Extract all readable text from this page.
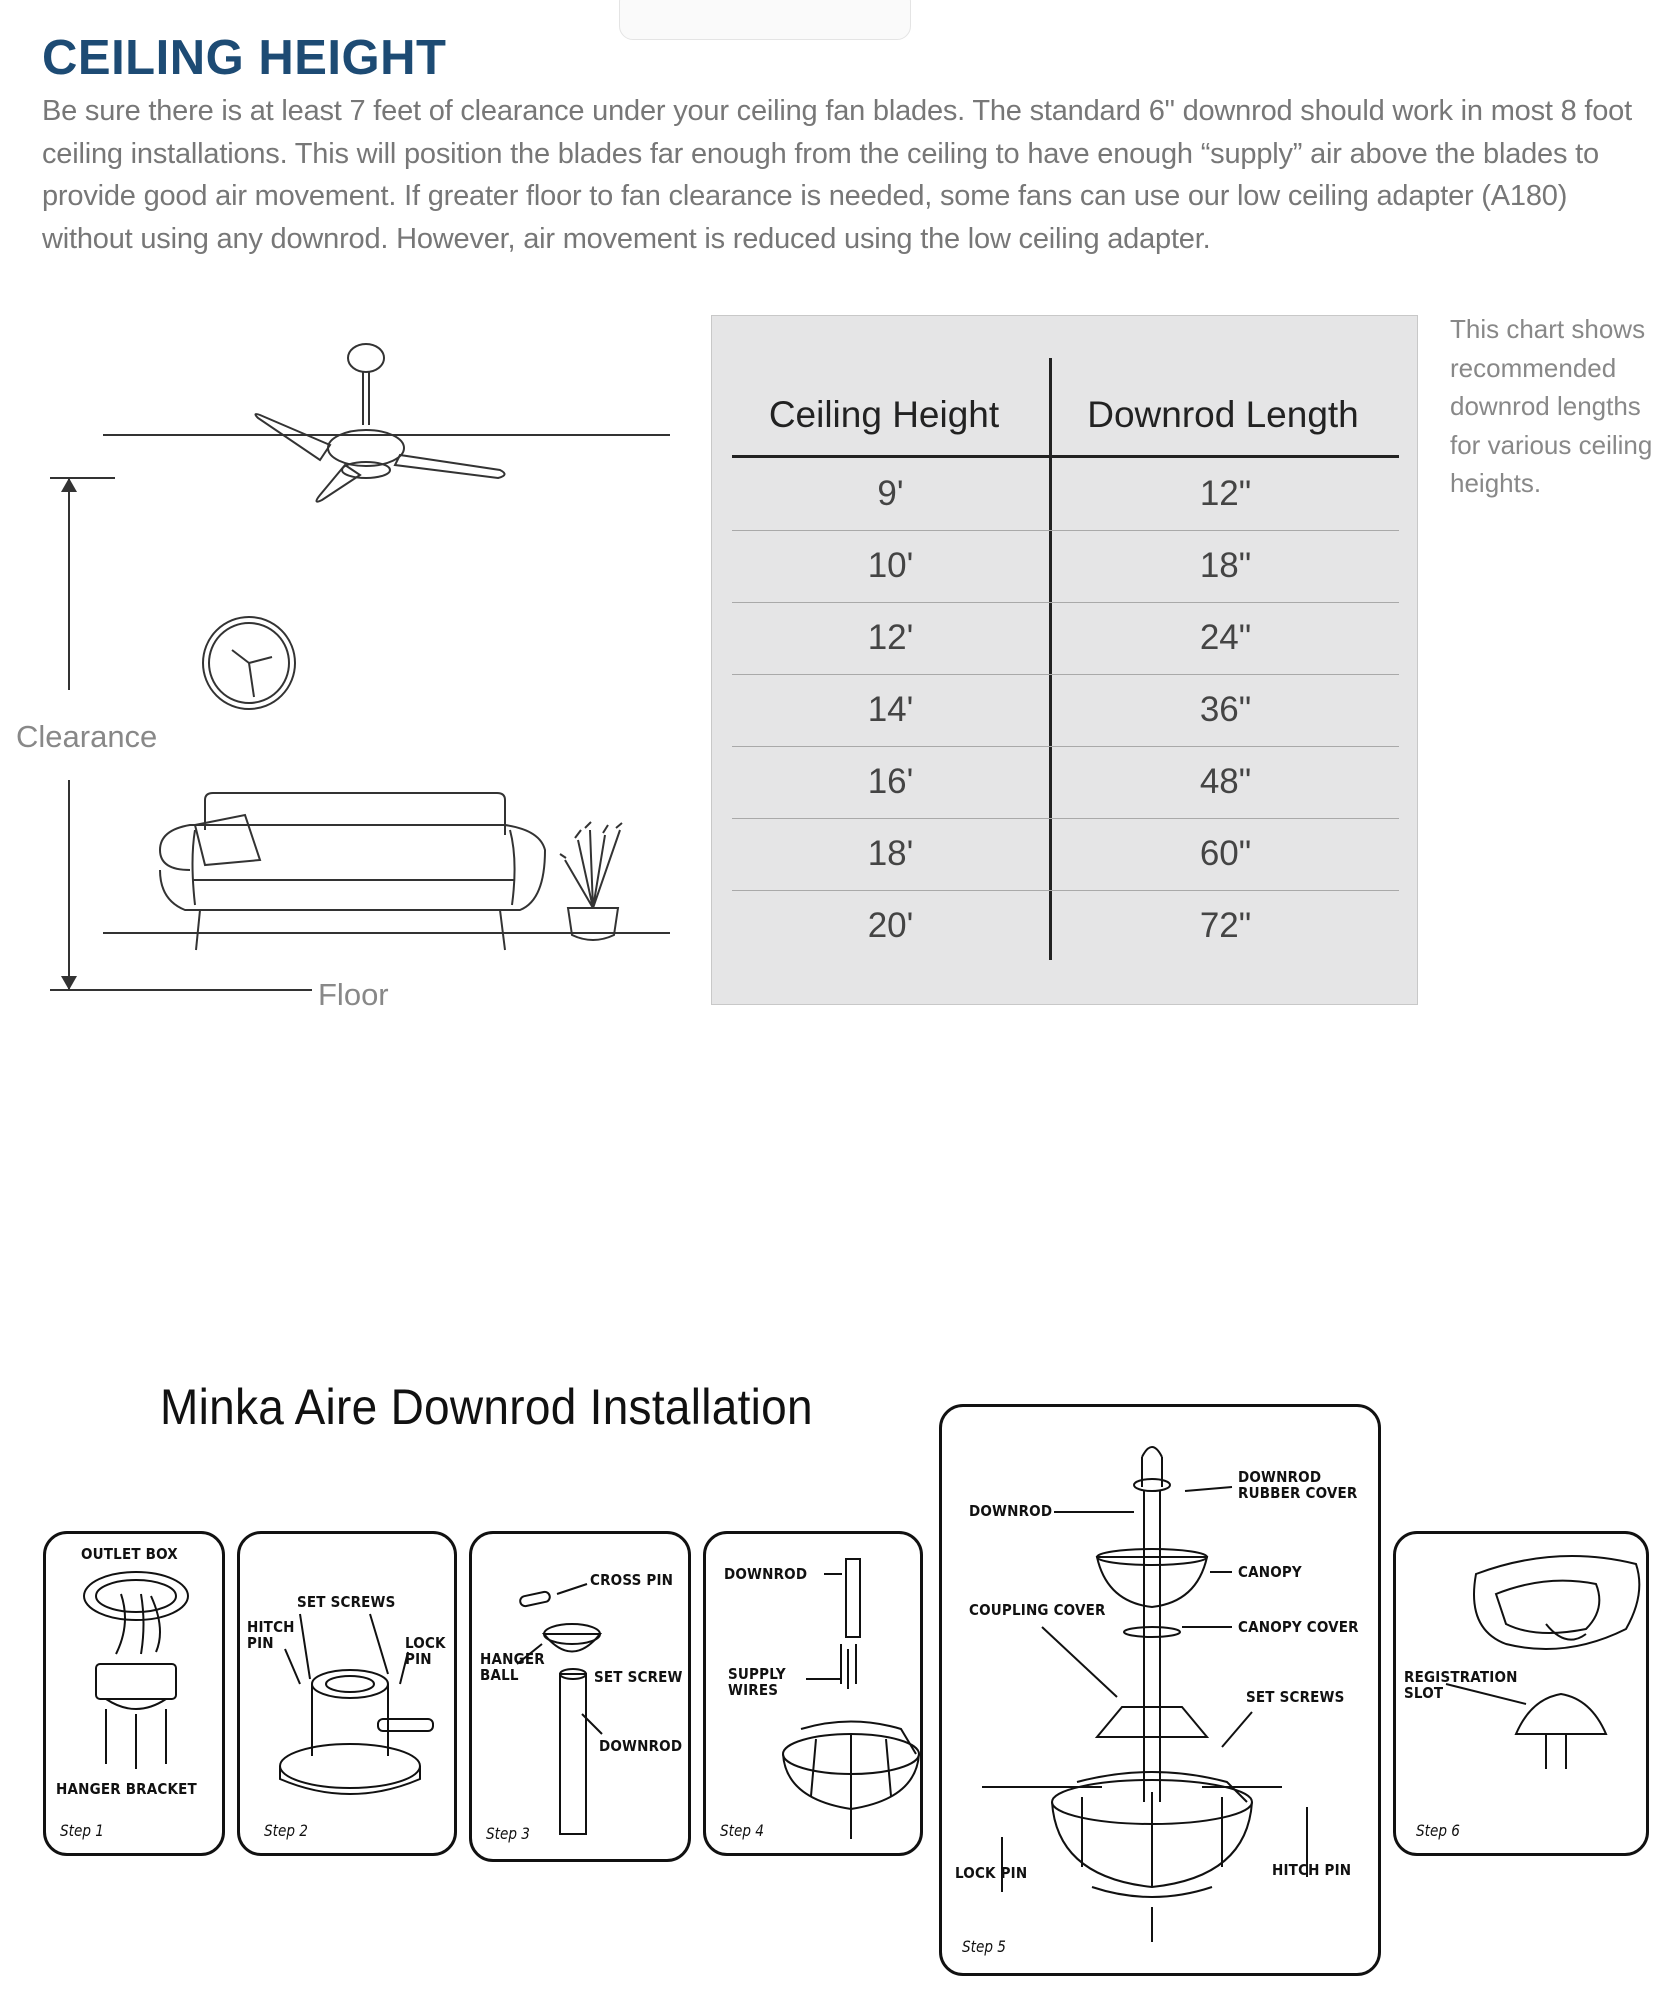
CEILING HEIGHT

Be sure there is at least 7 feet of clearance under your ceiling fan blades. The standard 6" downrod should work in most 8 foot ceiling installations. This will position the blades far enough from the ceiling to have enough “supply” air above the blades to provide good air movement. If greater floor to fan clearance is needed, some fans can use our low ceiling adapter (A180) without using any downrod. However, air movement is reduced using the low ceiling adapter.

Clearance
Floor
Ceiling Height	Downrod Length
9'	12"
10'	18"
12'	24"
14'	36"
16'	48"
18'	60"
20'	72"

This chart shows recommended downrod lengths for various ceiling heights.

Minka Aire Downrod Installation
OUTLET BOX
HANGER BRACKET
Step 1
SET SCREWS
HITCH
PIN	LOCK
PIN
Step 2
CROSS PIN
HANGER
BALL	SET SCREW
DOWNROD
Step 3
DOWNROD
SUPPLY
WIRES
Step 4
DOWNROD
RUBBER COVER
DOWNROD
CANOPY
COUPLING COVER
CANOPY COVER
SET SCREWS
LOCK PIN	HITCH PIN
Step 5
REGISTRATION
SLOT
Step 6
